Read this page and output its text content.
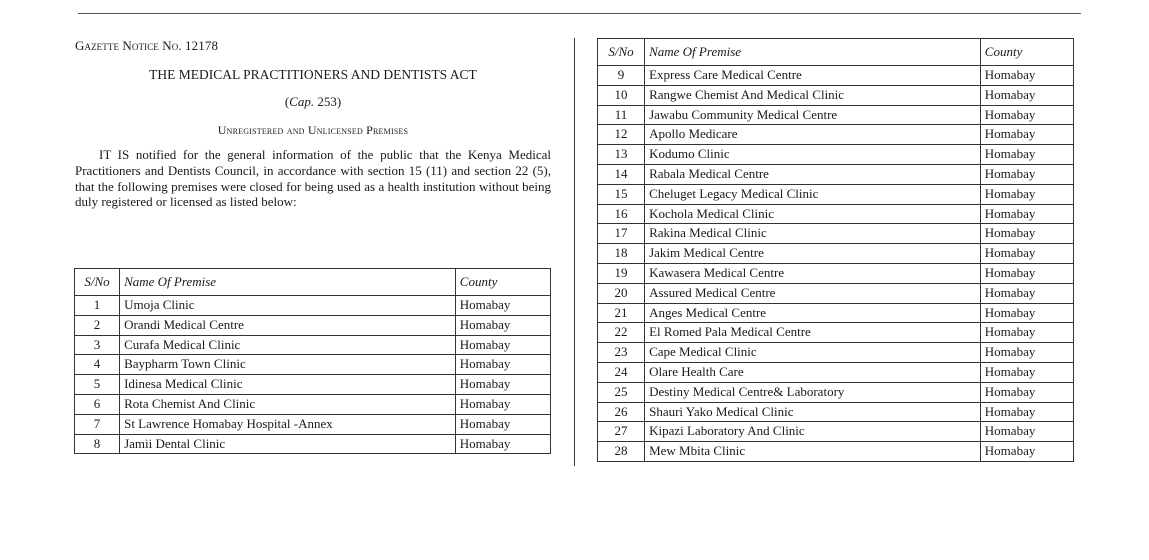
Gazette Notice No. 12178

THE MEDICAL PRACTITIONERS AND DENTISTS ACT

(Cap. 253)

Unregistered and Unlicensed Premises

IT IS notified for the general information of the public that the Kenya Medical Practitioners and Dentists Council, in accordance with section 15 (11) and section 22 (5), that the following premises were closed for being used as a health institution without being duly registered or licensed as listed below:

S/No	Name Of Premise	County
1	Umoja Clinic	Homabay
2	Orandi Medical Centre	Homabay
3	Curafa Medical Clinic	Homabay
4	Baypharm Town Clinic	Homabay
5	Idinesa Medical Clinic	Homabay
6	Rota Chemist And Clinic	Homabay
7	St Lawrence Homabay Hospital -Annex	Homabay
8	Jamii Dental Clinic	Homabay
S/No	Name Of Premise	County
9	Express Care Medical Centre	Homabay
10	Rangwe Chemist And Medical Clinic	Homabay
11	Jawabu Community Medical Centre	Homabay
12	Apollo Medicare	Homabay
13	Kodumo Clinic	Homabay
14	Rabala Medical Centre	Homabay
15	Cheluget Legacy Medical Clinic	Homabay
16	Kochola Medical Clinic	Homabay
17	Rakina Medical Clinic	Homabay
18	Jakim Medical Centre	Homabay
19	Kawasera Medical Centre	Homabay
20	Assured Medical Centre	Homabay
21	Anges Medical Centre	Homabay
22	El Romed Pala Medical Centre	Homabay
23	Cape Medical Clinic	Homabay
24	Olare Health Care	Homabay
25	Destiny Medical Centre& Laboratory	Homabay
26	Shauri Yako Medical Clinic	Homabay
27	Kipazi Laboratory And Clinic	Homabay
28	Mew Mbita Clinic	Homabay
